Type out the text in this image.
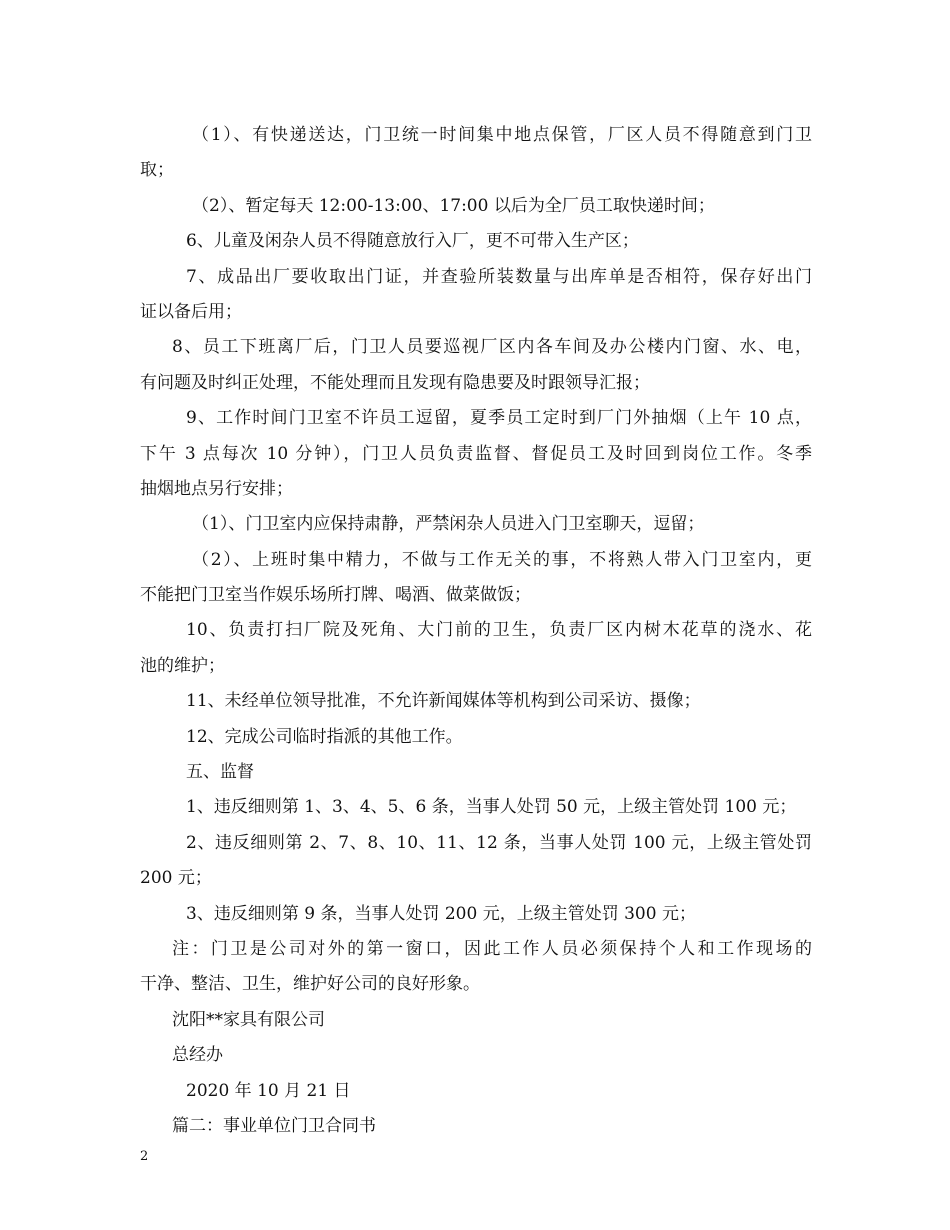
（1）、有快递送达，门卫统一时间集中地点保管，厂区人员不得随意到门卫
取；
（2）、暂定每天 12:00-13:00、17:00 以后为全厂员工取快递时间；
6、儿童及闲杂人员不得随意放行入厂，更不可带入生产区；
7、成品出厂要收取出门证，并查验所装数量与出库单是否相符，保存好出门
证以备后用；
8、员工下班离厂后，门卫人员要巡视厂区内各车间及办公楼内门窗、水、电，
有问题及时纠正处理，不能处理而且发现有隐患要及时跟领导汇报；
9、工作时间门卫室不许员工逗留，夏季员工定时到厂门外抽烟（上午 10 点，
下午 3 点每次 10 分钟），门卫人员负责监督、督促员工及时回到岗位工作。冬季
抽烟地点另行安排；
（1）、门卫室内应保持肃静，严禁闲杂人员进入门卫室聊天，逗留；
（2）、上班时集中精力，不做与工作无关的事，不将熟人带入门卫室内，更
不能把门卫室当作娱乐场所打牌、喝酒、做菜做饭；
10、负责打扫厂院及死角、大门前的卫生，负责厂区内树木花草的浇水、花
池的维护；
11、未经单位领导批准，不允许新闻媒体等机构到公司采访、摄像；
12、完成公司临时指派的其他工作。
五、监督
1、违反细则第 1、3、4、5、6 条，当事人处罚 50 元，上级主管处罚 100 元；
2、违反细则第 2、7、8、10、11、12 条，当事人处罚 100 元，上级主管处罚
200 元；
3、违反细则第 9 条，当事人处罚 200 元，上级主管处罚 300 元；
注：门卫是公司对外的第一窗口，因此工作人员必须保持个人和工作现场的
干净、整洁、卫生，维护好公司的良好形象。
沈阳**家具有限公司
总经办
2020 年 10 月 21 日
篇二：事业单位门卫合同书
2
